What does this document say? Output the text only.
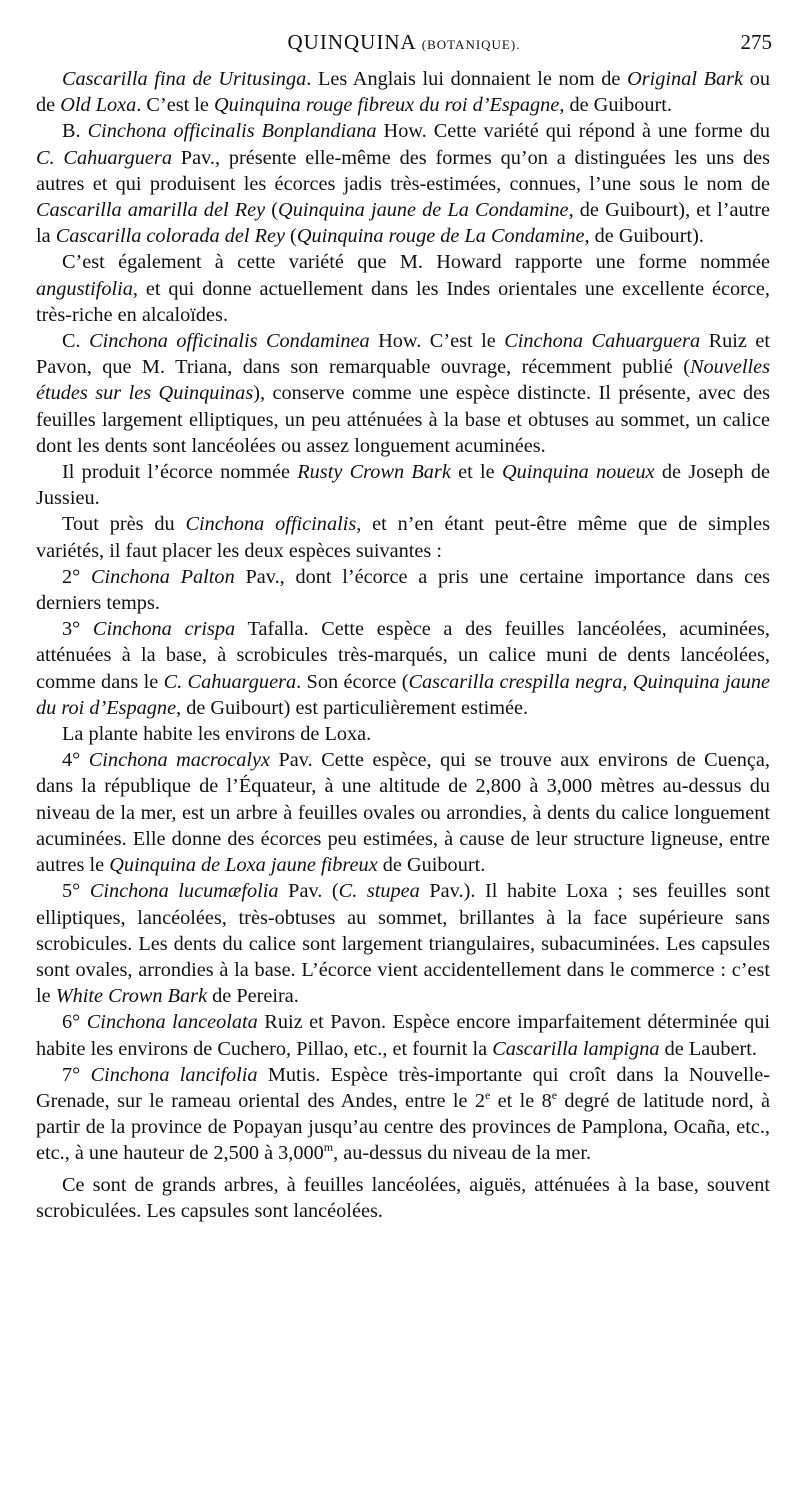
QUINQUINA (BOTANIQUE).	275

Cascarilla fina de Uritusinga. Les Anglais lui donnaient le nom de Original Bark ou de Old Loxa. C’est le Quinquina rouge fibreux du roi d’Espagne, de Guibourt.

B. Cinchona officinalis Bonplandiana How. Cette variété qui répond à une forme du C. Cahuarguera Pav., présente elle-même des formes qu’on a distinguées les uns des autres et qui produisent les écorces jadis très-estimées, connues, l’une sous le nom de Cascarilla amarilla del Rey (Quinquina jaune de La Condamine, de Guibourt), et l’autre la Cascarilla colorada del Rey (Quinquina rouge de La Condamine, de Guibourt).

C’est également à cette variété que M. Howard rapporte une forme nommée angustifolia, et qui donne actuellement dans les Indes orientales une excellente écorce, très-riche en alcaloïdes.

C. Cinchona officinalis Condaminea How. C’est le Cinchona Cahuarguera Ruiz et Pavon, que M. Triana, dans son remarquable ouvrage, récemment publié (Nouvelles études sur les Quinquinas), conserve comme une espèce distincte. Il présente, avec des feuilles largement elliptiques, un peu atténuées à la base et obtuses au sommet, un calice dont les dents sont lancéolées ou assez longuement acuminées.

Il produit l’écorce nommée Rusty Crown Bark et le Quinquina noueux de Joseph de Jussieu.

Tout près du Cinchona officinalis, et n’en étant peut-être même que de simples variétés, il faut placer les deux espèces suivantes :

2° Cinchona Palton Pav., dont l’écorce a pris une certaine importance dans ces derniers temps.

3° Cinchona crispa Tafalla. Cette espèce a des feuilles lancéolées, acuminées, atténuées à la base, à scrobicules très-marqués, un calice muni de dents lancéolées, comme dans le C. Cahuarguera. Son écorce (Cascarilla crespilla negra, Quinquina jaune du roi d’Espagne, de Guibourt) est particulièrement estimée.

La plante habite les environs de Loxa.

4° Cinchona macrocalyx Pav. Cette espèce, qui se trouve aux environs de Cuença, dans la république de l’Équateur, à une altitude de 2,800 à 3,000 mètres au-dessus du niveau de la mer, est un arbre à feuilles ovales ou arrondies, à dents du calice longuement acuminées. Elle donne des écorces peu estimées, à cause de leur structure ligneuse, entre autres le Quinquina de Loxa jaune fibreux de Guibourt.

5° Cinchona lucumæfolia Pav. (C. stupea Pav.). Il habite Loxa ; ses feuilles sont elliptiques, lancéolées, très-obtuses au sommet, brillantes à la face supérieure sans scrobicules. Les dents du calice sont largement triangulaires, subacuminées. Les capsules sont ovales, arrondies à la base. L’écorce vient accidentellement dans le commerce : c’est le White Crown Bark de Pereira.

6° Cinchona lanceolata Ruiz et Pavon. Espèce encore imparfaitement déterminée qui habite les environs de Cuchero, Pillao, etc., et fournit la Cascarilla lampigna de Laubert.

7° Cinchona lancifolia Mutis. Espèce très-importante qui croît dans la Nouvelle-Grenade, sur le rameau oriental des Andes, entre le 2e et le 8e degré de latitude nord, à partir de la province de Popayan jusqu’au centre des provinces de Pamplona, Ocaña, etc., etc., à une hauteur de 2,500 à 3,000$^m$, au-dessus du niveau de la mer.

Ce sont de grands arbres, à feuilles lancéolées, aiguës, atténuées à la base, souvent scrobiculées. Les capsules sont lancéolées.
